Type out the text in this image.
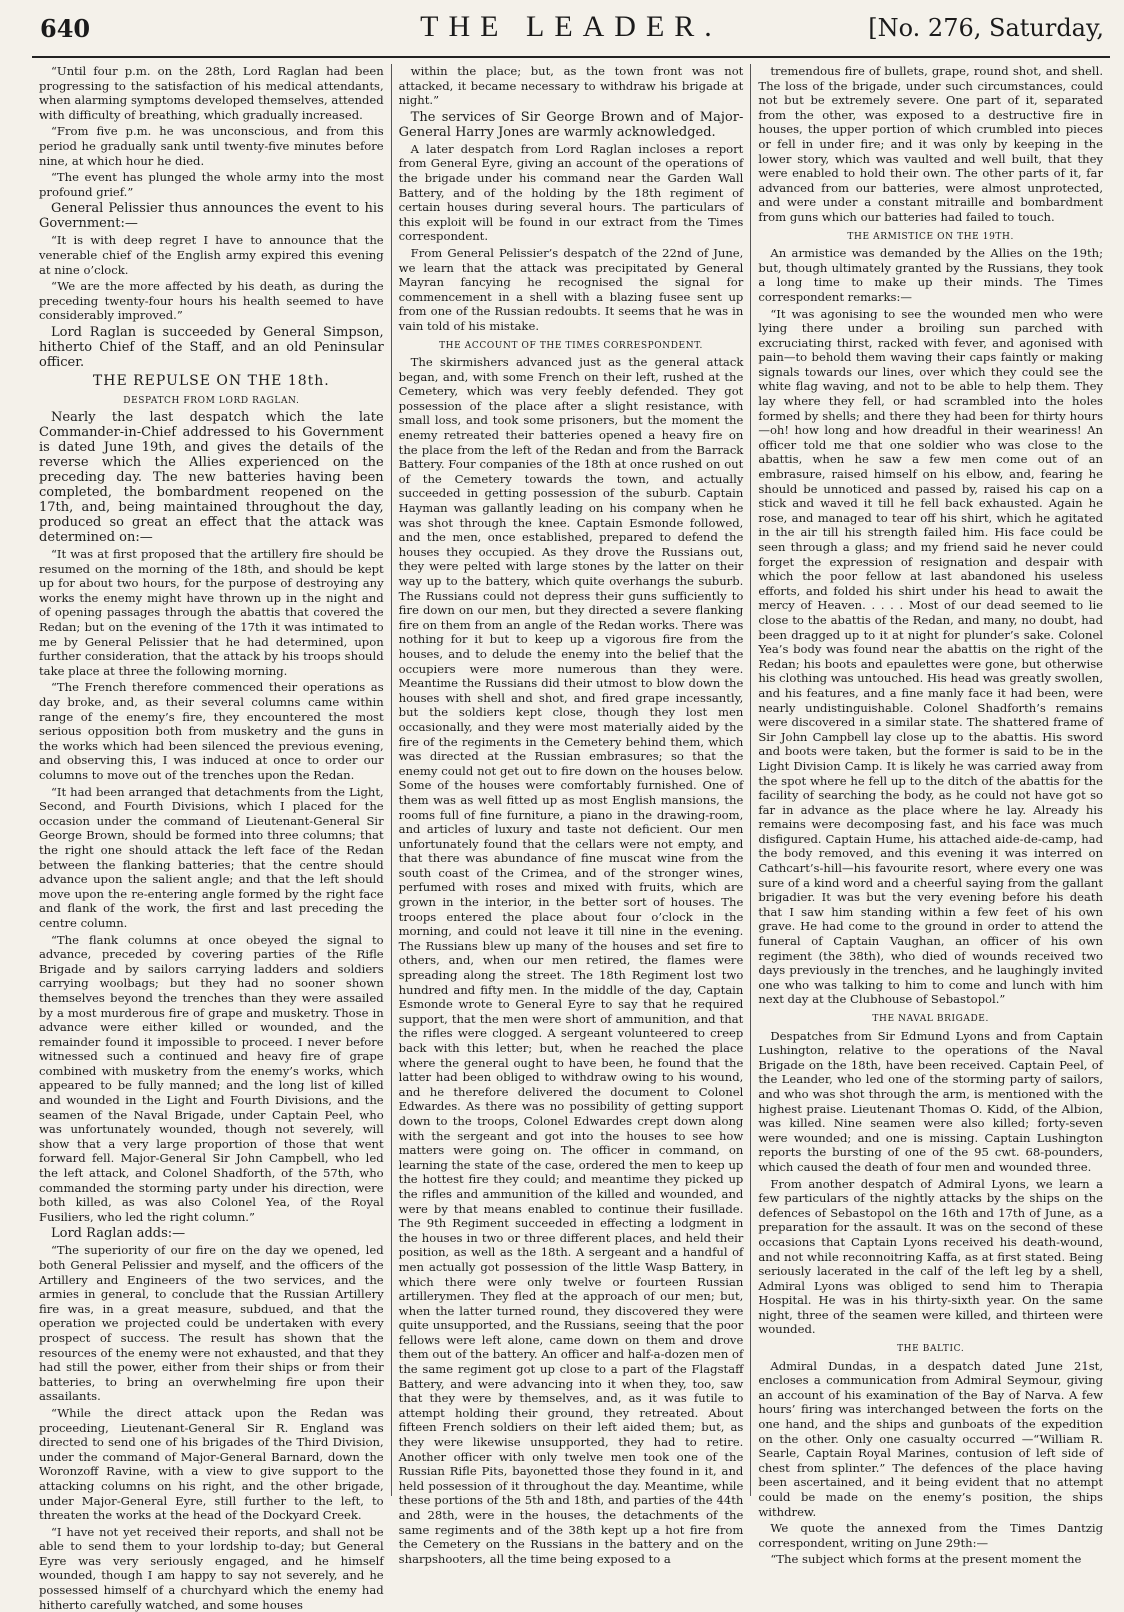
640	THE LEADER.	[No. 276, Saturday,

“Until four p.m. on the 28th, Lord Raglan had been progressing to the satisfaction of his medical attendants, when alarming symptoms developed themselves, attended with difficulty of breathing, which gradually increased.

“From five p.m. he was unconscious, and from this period he gradually sank until twenty-five minutes before nine, at which hour he died.

“The event has plunged the whole army into the most profound grief.”

General Pelissier thus announces the event to his Government:—

“It is with deep regret I have to announce that the venerable chief of the English army expired this evening at nine o’clock.

“We are the more affected by his death, as during the preceding twenty-four hours his health seemed to have considerably improved.”

Lord Raglan is succeeded by General Simpson, hitherto Chief of the Staff, and an old Peninsular officer.

THE REPULSE ON THE 18th.
DESPATCH FROM LORD RAGLAN.

Nearly the last despatch which the late Commander-in-Chief addressed to his Government is dated June 19th, and gives the details of the reverse which the Allies experienced on the preceding day. The new batteries having been completed, the bombardment reopened on the 17th, and, being maintained throughout the day, produced so great an effect that the attack was determined on:—

“It was at first proposed that the artillery fire should be resumed on the morning of the 18th, and should be kept up for about two hours, for the purpose of destroying any works the enemy might have thrown up in the night and of opening passages through the abattis that covered the Redan; but on the evening of the 17th it was intimated to me by General Pelissier that he had determined, upon further consideration, that the attack by his troops should take place at three the following morning.

“The French therefore commenced their operations as day broke, and, as their several columns came within range of the enemy’s fire, they encountered the most serious opposition both from musketry and the guns in the works which had been silenced the previous evening, and observing this, I was induced at once to order our columns to move out of the trenches upon the Redan.

“It had been arranged that detachments from the Light, Second, and Fourth Divisions, which I placed for the occasion under the command of Lieutenant-General Sir George Brown, should be formed into three columns; that the right one should attack the left face of the Redan between the flanking batteries; that the centre should advance upon the salient angle; and that the left should move upon the re-entering angle formed by the right face and flank of the work, the first and last preceding the centre column.

“The flank columns at once obeyed the signal to advance, preceded by covering parties of the Rifle Brigade and by sailors carrying ladders and soldiers carrying woolbags; but they had no sooner shown themselves beyond the trenches than they were assailed by a most murderous fire of grape and musketry. Those in advance were either killed or wounded, and the remainder found it impossible to proceed. I never before witnessed such a continued and heavy fire of grape combined with musketry from the enemy’s works, which appeared to be fully manned; and the long list of killed and wounded in the Light and Fourth Divisions, and the seamen of the Naval Brigade, under Captain Peel, who was unfortunately wounded, though not severely, will show that a very large proportion of those that went forward fell. Major-General Sir John Campbell, who led the left attack, and Colonel Shadforth, of the 57th, who commanded the storming party under his direction, were both killed, as was also Colonel Yea, of the Royal Fusiliers, who led the right column.”

Lord Raglan adds:—

“The superiority of our fire on the day we opened, led both General Pelissier and myself, and the officers of the Artillery and Engineers of the two services, and the armies in general, to conclude that the Russian Artillery fire was, in a great measure, subdued, and that the operation we projected could be undertaken with every prospect of success. The result has shown that the resources of the enemy were not exhausted, and that they had still the power, either from their ships or from their batteries, to bring an overwhelming fire upon their assailants.

“While the direct attack upon the Redan was proceeding, Lieutenant-General Sir R. England was directed to send one of his brigades of the Third Division, under the command of Major-General Barnard, down the Woronzoff Ravine, with a view to give support to the attacking columns on his right, and the other brigade, under Major-General Eyre, still further to the left, to threaten the works at the head of the Dockyard Creek.

“I have not yet received their reports, and shall not be able to send them to your lordship to-day; but General Eyre was very seriously engaged, and he himself wounded, though I am happy to say not severely, and he possessed himself of a churchyard which the enemy had hitherto carefully watched, and some houses

within the place; but, as the town front was not attacked, it became necessary to withdraw his brigade at night.”

The services of Sir George Brown and of Major-General Harry Jones are warmly acknowledged.

A later despatch from Lord Raglan incloses a report from General Eyre, giving an account of the operations of the brigade under his command near the Garden Wall Battery, and of the holding by the 18th regiment of certain houses during several hours. The particulars of this exploit will be found in our extract from the Times correspondent.

From General Pelissier’s despatch of the 22nd of June, we learn that the attack was precipitated by General Mayran fancying he recognised the signal for commencement in a shell with a blazing fusee sent up from one of the Russian redoubts. It seems that he was in vain told of his mistake.

THE ACCOUNT OF THE TIMES CORRESPONDENT.

The skirmishers advanced just as the general attack began, and, with some French on their left, rushed at the Cemetery, which was very feebly defended. They got possession of the place after a slight resistance, with small loss, and took some prisoners, but the moment the enemy retreated their batteries opened a heavy fire on the place from the left of the Redan and from the Barrack Battery. Four companies of the 18th at once rushed on out of the Cemetery towards the town, and actually succeeded in getting possession of the suburb. Captain Hayman was gallantly leading on his company when he was shot through the knee. Captain Esmonde followed, and the men, once established, prepared to defend the houses they occupied. As they drove the Russians out, they were pelted with large stones by the latter on their way up to the battery, which quite overhangs the suburb. The Russians could not depress their guns sufficiently to fire down on our men, but they directed a severe flanking fire on them from an angle of the Redan works. There was nothing for it but to keep up a vigorous fire from the houses, and to delude the enemy into the belief that the occupiers were more numerous than they were. Meantime the Russians did their utmost to blow down the houses with shell and shot, and fired grape incessantly, but the soldiers kept close, though they lost men occasionally, and they were most materially aided by the fire of the regiments in the Cemetery behind them, which was directed at the Russian embrasures; so that the enemy could not get out to fire down on the houses below. Some of the houses were comfortably furnished. One of them was as well fitted up as most English mansions, the rooms full of fine furniture, a piano in the drawing-room, and articles of luxury and taste not deficient. Our men unfortunately found that the cellars were not empty, and that there was abundance of fine muscat wine from the south coast of the Crimea, and of the stronger wines, perfumed with roses and mixed with fruits, which are grown in the interior, in the better sort of houses. The troops entered the place about four o’clock in the morning, and could not leave it till nine in the evening. The Russians blew up many of the houses and set fire to others, and, when our men retired, the flames were spreading along the street. The 18th Regiment lost two hundred and fifty men. In the middle of the day, Captain Esmonde wrote to General Eyre to say that he required support, that the men were short of ammunition, and that the rifles were clogged. A sergeant volunteered to creep back with this letter; but, when he reached the place where the general ought to have been, he found that the latter had been obliged to withdraw owing to his wound, and he therefore delivered the document to Colonel Edwardes. As there was no possibility of getting support down to the troops, Colonel Edwardes crept down along with the sergeant and got into the houses to see how matters were going on. The officer in command, on learning the state of the case, ordered the men to keep up the hottest fire they could; and meantime they picked up the rifles and ammunition of the killed and wounded, and were by that means enabled to continue their fusillade. The 9th Regiment succeeded in effecting a lodgment in the houses in two or three different places, and held their position, as well as the 18th. A sergeant and a handful of men actually got possession of the little Wasp Battery, in which there were only twelve or fourteen Russian artillerymen. They fled at the approach of our men; but, when the latter turned round, they discovered they were quite unsupported, and the Russians, seeing that the poor fellows were left alone, came down on them and drove them out of the battery. An officer and half-a-dozen men of the same regiment got up close to a part of the Flagstaff Battery, and were advancing into it when they, too, saw that they were by themselves, and, as it was futile to attempt holding their ground, they retreated. About fifteen French soldiers on their left aided them; but, as they were likewise unsupported, they had to retire. Another officer with only twelve men took one of the Russian Rifle Pits, bayonetted those they found in it, and held possession of it throughout the day. Meantime, while these portions of the 5th and 18th, and parties of the 44th and 28th, were in the houses, the detachments of the same regiments and of the 38th kept up a hot fire from the Cemetery on the Russians in the battery and on the sharpshooters, all the time being exposed to a

tremendous fire of bullets, grape, round shot, and shell. The loss of the brigade, under such circumstances, could not but be extremely severe. One part of it, separated from the other, was exposed to a destructive fire in houses, the upper portion of which crumbled into pieces or fell in under fire; and it was only by keeping in the lower story, which was vaulted and well built, that they were enabled to hold their own. The other parts of it, far advanced from our batteries, were almost unprotected, and were under a constant mitraille and bombardment from guns which our batteries had failed to touch.

THE ARMISTICE ON THE 19TH.

An armistice was demanded by the Allies on the 19th; but, though ultimately granted by the Russians, they took a long time to make up their minds. The Times correspondent remarks:—

“It was agonising to see the wounded men who were lying there under a broiling sun parched with excruciating thirst, racked with fever, and agonised with pain—to behold them waving their caps faintly or making signals towards our lines, over which they could see the white flag waving, and not to be able to help them. They lay where they fell, or had scrambled into the holes formed by shells; and there they had been for thirty hours—oh! how long and how dreadful in their weariness! An officer told me that one soldier who was close to the abattis, when he saw a few men come out of an embrasure, raised himself on his elbow, and, fearing he should be unnoticed and passed by, raised his cap on a stick and waved it till he fell back exhausted. Again he rose, and managed to tear off his shirt, which he agitated in the air till his strength failed him. His face could be seen through a glass; and my friend said he never could forget the expression of resignation and despair with which the poor fellow at last abandoned his useless efforts, and folded his shirt under his head to await the mercy of Heaven. . . . . Most of our dead seemed to lie close to the abattis of the Redan, and many, no doubt, had been dragged up to it at night for plunder’s sake. Colonel Yea’s body was found near the abattis on the right of the Redan; his boots and epaulettes were gone, but otherwise his clothing was untouched. His head was greatly swollen, and his features, and a fine manly face it had been, were nearly undistinguishable. Colonel Shadforth’s remains were discovered in a similar state. The shattered frame of Sir John Campbell lay close up to the abattis. His sword and boots were taken, but the former is said to be in the Light Division Camp. It is likely he was carried away from the spot where he fell up to the ditch of the abattis for the facility of searching the body, as he could not have got so far in advance as the place where he lay. Already his remains were decomposing fast, and his face was much disfigured. Captain Hume, his attached aide-de-camp, had the body removed, and this evening it was interred on Cathcart’s-hill—his favourite resort, where every one was sure of a kind word and a cheerful saying from the gallant brigadier. It was but the very evening before his death that I saw him standing within a few feet of his own grave. He had come to the ground in order to attend the funeral of Captain Vaughan, an officer of his own regiment (the 38th), who died of wounds received two days previously in the trenches, and he laughingly invited one who was talking to him to come and lunch with him next day at the Clubhouse of Sebastopol.”

THE NAVAL BRIGADE.

Despatches from Sir Edmund Lyons and from Captain Lushington, relative to the operations of the Naval Brigade on the 18th, have been received. Captain Peel, of the Leander, who led one of the storming party of sailors, and who was shot through the arm, is mentioned with the highest praise. Lieutenant Thomas O. Kidd, of the Albion, was killed. Nine seamen were also killed; forty-seven were wounded; and one is missing. Captain Lushington reports the bursting of one of the 95 cwt. 68-pounders, which caused the death of four men and wounded three.

From another despatch of Admiral Lyons, we learn a few particulars of the nightly attacks by the ships on the defences of Sebastopol on the 16th and 17th of June, as a preparation for the assault. It was on the second of these occasions that Captain Lyons received his death-wound, and not while reconnoitring Kaffa, as at first stated. Being seriously lacerated in the calf of the left leg by a shell, Admiral Lyons was obliged to send him to Therapia Hospital. He was in his thirty-sixth year. On the same night, three of the seamen were killed, and thirteen were wounded.

THE BALTIC.

Admiral Dundas, in a despatch dated June 21st, encloses a communication from Admiral Seymour, giving an account of his examination of the Bay of Narva. A few hours’ firing was interchanged between the forts on the one hand, and the ships and gunboats of the expedition on the other. Only one casualty occurred —“William R. Searle, Captain Royal Marines, contusion of left side of chest from splinter.” The defences of the place having been ascertained, and it being evident that no attempt could be made on the enemy’s position, the ships withdrew.

We quote the annexed from the Times Dantzig correspondent, writing on June 29th:—

“The subject which forms at the present moment the
